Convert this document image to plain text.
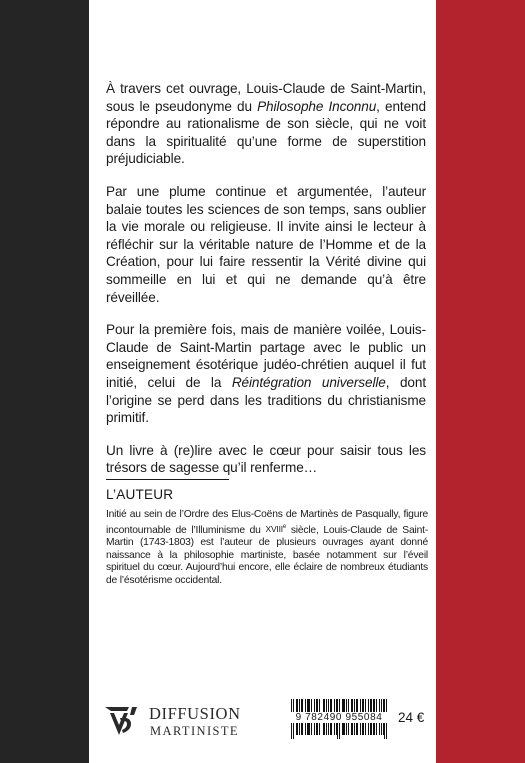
À travers cet ouvrage, Louis-Claude de Saint-Martin, sous le pseudonyme du Philosophe Inconnu, entend répondre au rationalisme de son siècle, qui ne voit dans la spiritualité qu’une forme de superstition préjudiciable.

Par une plume continue et argumentée, l’auteur balaie toutes les sciences de son temps, sans oublier la vie morale ou religieuse. Il invite ainsi le lecteur à réfléchir sur la véritable nature de l’Homme et de la Création, pour lui faire ressentir la Vérité divine qui sommeille en lui et qui ne demande qu’à être réveillée.

Pour la première fois, mais de manière voilée, Louis-Claude de Saint-Martin partage avec le public un enseignement ésotérique judéo-chrétien auquel il fut initié, celui de la Réintégration universelle, dont l’origine se perd dans les traditions du christianisme primitif.

Un livre à (re)lire avec le cœur pour saisir tous les trésors de sagesse qu’il renferme…

L’AUTEUR

Initié au sein de l’Ordre des Elus-Coëns de Martinès de Pasqually, figure incontournable de l’Illuminisme du XVIIIe siècle, Louis-Claude de Saint-Martin (1743-1803) est l’auteur de plusieurs ouvrages ayant donné naissance à la philosophie martiniste, basée notamment sur l’éveil spirituel du cœur. Aujourd’hui encore, elle éclaire de nombreux étudiants de l’ésotérisme occidental.

DIFFUSION
MARTINISTE
9 782490 955084	24 €
